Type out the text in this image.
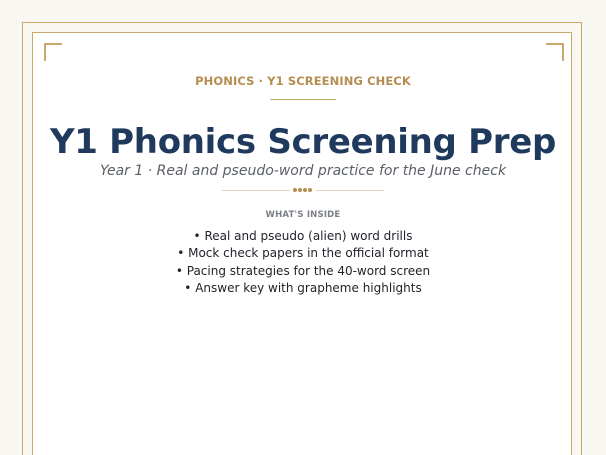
PHONICS · Y1 SCREENING CHECK
Y1 Phonics Screening Prep
Year 1 · Real and pseudo-word practice for the June check
WHAT'S INSIDE
• Real and pseudo (alien) word drills
• Mock check papers in the official format
• Pacing strategies for the 40-word screen
• Answer key with grapheme highlights
